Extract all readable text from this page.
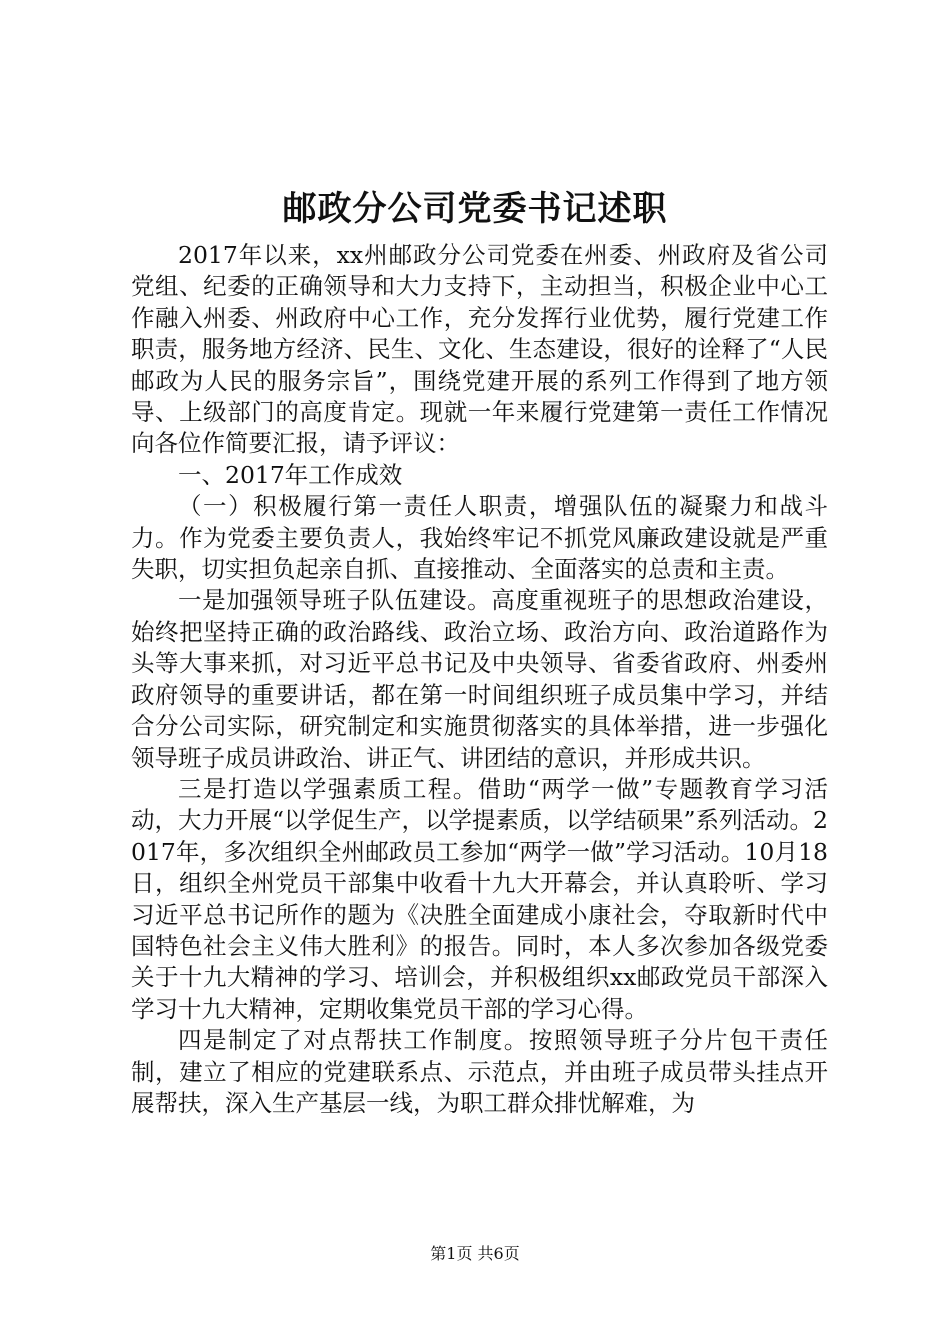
邮政分公司党委书记述职

2017年以来，xx州邮政分公司党委在州委、州政府及省公司党组、纪委的正确领导和大力支持下，主动担当，积极企业中心工作融入州委、州政府中心工作，充分发挥行业优势，履行党建工作职责，服务地方经济、民生、文化、生态建设，很好的诠释了“人民邮政为人民的服务宗旨”，围绕党建开展的系列工作得到了地方领导、上级部门的高度肯定。现就一年来履行党建第一责任工作情况向各位作简要汇报，请予评议：

一、2017年工作成效

（一）积极履行第一责任人职责，增强队伍的凝聚力和战斗力。作为党委主要负责人，我始终牢记不抓党风廉政建设就是严重失职，切实担负起亲自抓、直接推动、全面落实的总责和主责。

一是加强领导班子队伍建设。高度重视班子的思想政治建设，始终把坚持正确的政治路线、政治立场、政治方向、政治道路作为头等大事来抓，对习近平总书记及中央领导、省委省政府、州委州政府领导的重要讲话，都在第一时间组织班子成员集中学习，并结合分公司实际，研究制定和实施贯彻落实的具体举措，进一步强化领导班子成员讲政治、讲正气、讲团结的意识，并形成共识。

三是打造以学强素质工程。借助“两学一做”专题教育学习活动，大力开展“以学促生产，以学提素质，以学结硕果”系列活动。2017年，多次组织全州邮政员工参加“两学一做”学习活动。10月18日，组织全州党员干部集中收看十九大开幕会，并认真聆听、学习习近平总书记所作的题为《决胜全面建成小康社会，夺取新时代中国特色社会主义伟大胜利》的报告。同时，本人多次参加各级党委关于十九大精神的学习、培训会，并积极组织xx邮政党员干部深入学习十九大精神，定期收集党员干部的学习心得。

四是制定了对点帮扶工作制度。按照领导班子分片包干责任制，建立了相应的党建联系点、示范点，并由班子成员带头挂点开展帮扶，深入生产基层一线，为职工群众排忧解难，为

第1页 共6页
